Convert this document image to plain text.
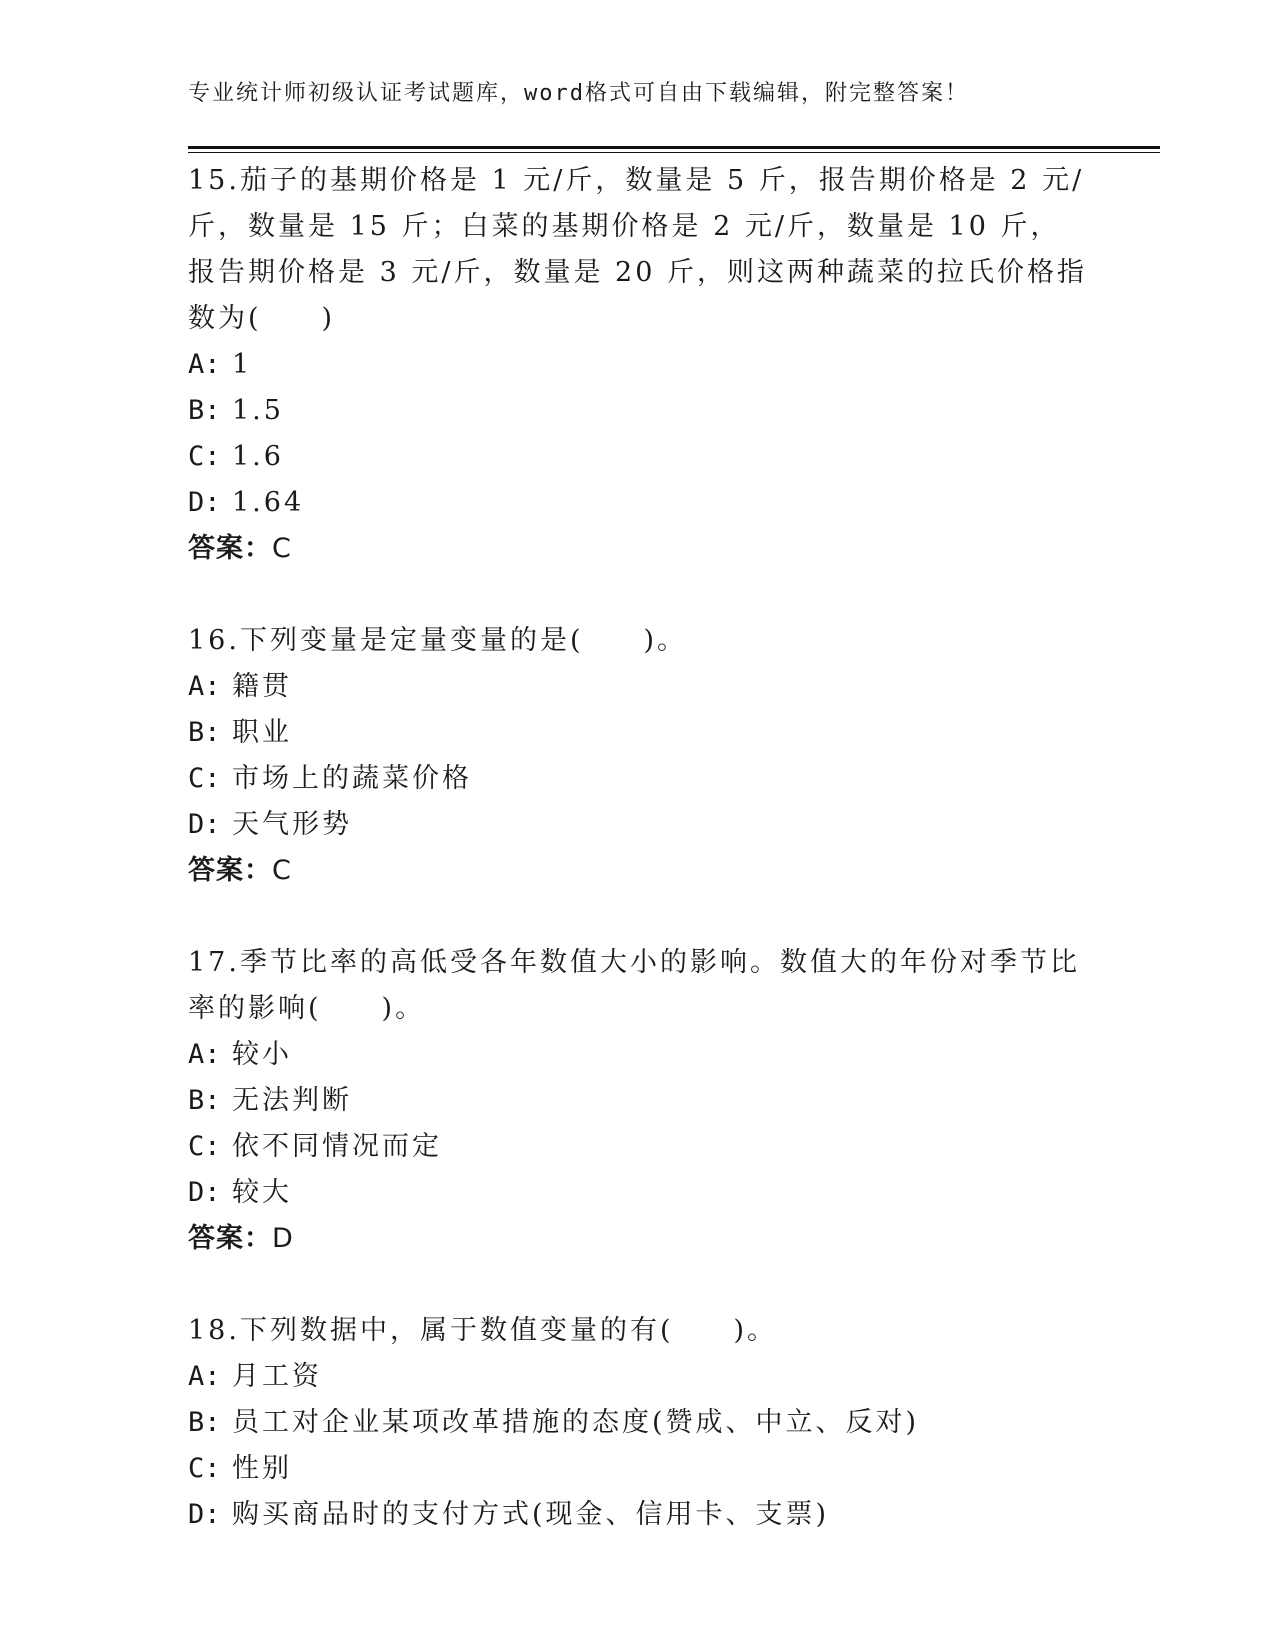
专业统计师初级认证考试题库，word格式可自由下载编辑，附完整答案！

15.茄子的基期价格是 1 元/斤，数量是 5 斤，报告期价格是 2 元/斤，数量是 15 斤；白菜的基期价格是 2 元/斤，数量是 10 斤，报告期价格是 3 元/斤，数量是 20 斤，则这两种蔬菜的拉氏价格指数为(　　)

A: 1

B: 1.5

C: 1.6

D: 1.64

答案：C

16.下列变量是定量变量的是(　　)。

A: 籍贯

B: 职业

C: 市场上的蔬菜价格

D: 天气形势

答案：C

17.季节比率的高低受各年数值大小的影响。数值大的年份对季节比率的影响(　　)。

A: 较小

B: 无法判断

C: 依不同情况而定

D: 较大

答案：D

18.下列数据中，属于数值变量的有(　　)。

A: 月工资

B: 员工对企业某项改革措施的态度(赞成、中立、反对)

C: 性别

D: 购买商品时的支付方式(现金、信用卡、支票)
